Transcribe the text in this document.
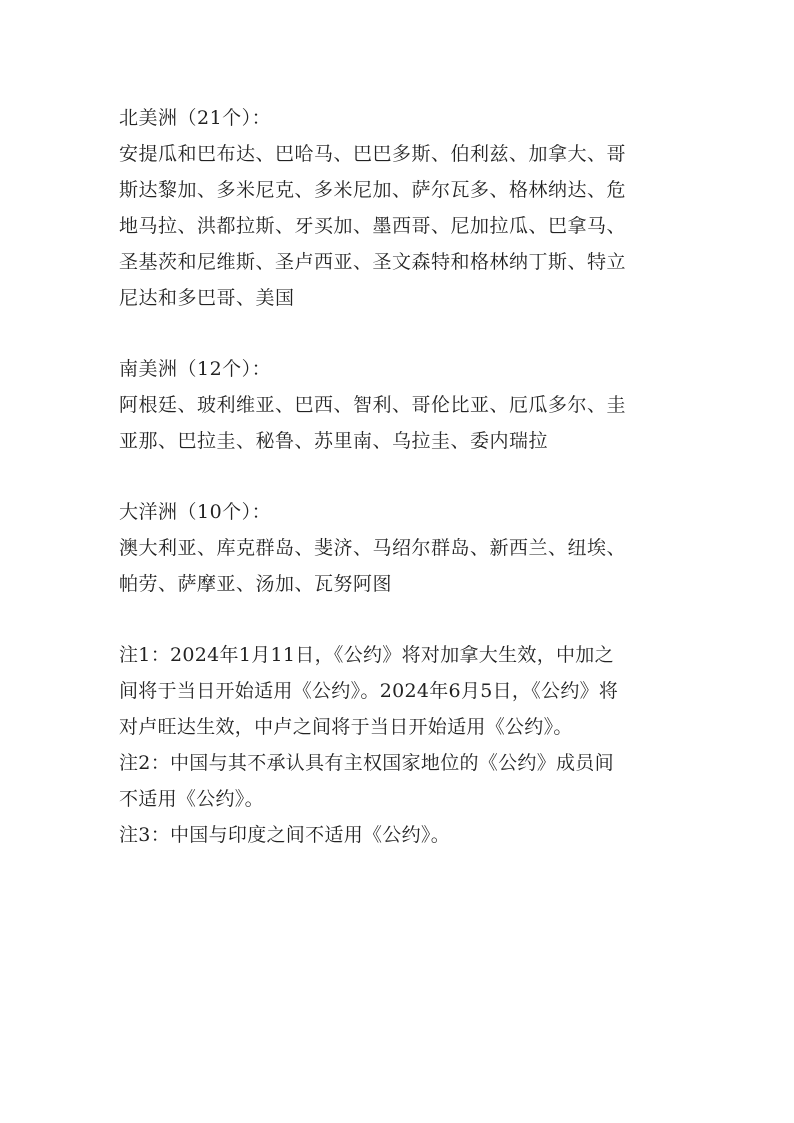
北美洲（21个）：
安提瓜和巴布达、巴哈马、巴巴多斯、伯利兹、加拿大、哥
斯达黎加、多米尼克、多米尼加、萨尔瓦多、格林纳达、危
地马拉、洪都拉斯、牙买加、墨西哥、尼加拉瓜、巴拿马、
圣基茨和尼维斯、圣卢西亚、圣文森特和格林纳丁斯、特立
尼达和多巴哥、美国
南美洲（12个）：
阿根廷、玻利维亚、巴西、智利、哥伦比亚、厄瓜多尔、圭
亚那、巴拉圭、秘鲁、苏里南、乌拉圭、委内瑞拉
大洋洲（10个）：
澳大利亚、库克群岛、斐济、马绍尔群岛、新西兰、纽埃、
帕劳、萨摩亚、汤加、瓦努阿图
注1：2024年1月11日，《公约》将对加拿大生效，中加之
间将于当日开始适用《公约》。2024年6月5日，《公约》将
对卢旺达生效，中卢之间将于当日开始适用《公约》。
注2：中国与其不承认具有主权国家地位的《公约》成员间
不适用《公约》。
注3：中国与印度之间不适用《公约》。
